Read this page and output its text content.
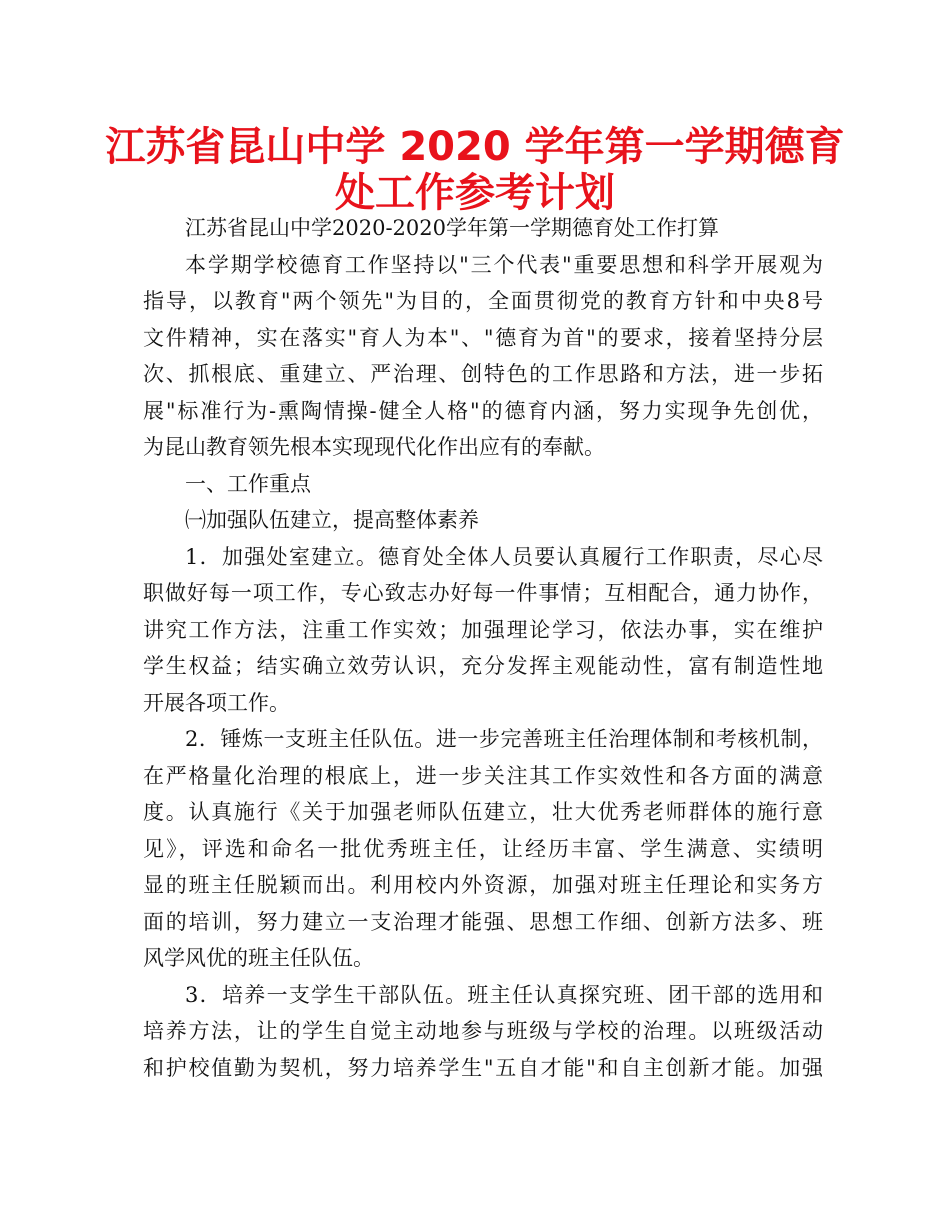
江苏省昆山中学 2020 学年第一学期德育
处工作参考计划
江苏省昆山中学2020-2020学年第一学期德育处工作打算
本学期学校德育工作坚持以"三个代表"重要思想和科学开展观为
指导，以教育"两个领先"为目的，全面贯彻党的教育方针和中央8号
文件精神，实在落实"育人为本"、"德育为首"的要求，接着坚持分层
次、抓根底、重建立、严治理、创特色的工作思路和方法，进一步拓
展"标准行为-熏陶情操-健全人格"的德育内涵，努力实现争先创优，
为昆山教育领先根本实现现代化作出应有的奉献。
一、工作重点
㈠加强队伍建立，提高整体素养
1．加强处室建立。德育处全体人员要认真履行工作职责，尽心尽
职做好每一项工作，专心致志办好每一件事情；互相配合，通力协作，
讲究工作方法，注重工作实效；加强理论学习，依法办事，实在维护
学生权益；结实确立效劳认识，充分发挥主观能动性，富有制造性地
开展各项工作。
2．锤炼一支班主任队伍。进一步完善班主任治理体制和考核机制，
在严格量化治理的根底上，进一步关注其工作实效性和各方面的满意
度。认真施行《关于加强老师队伍建立，壮大优秀老师群体的施行意
见》，评选和命名一批优秀班主任，让经历丰富、学生满意、实绩明
显的班主任脱颖而出。利用校内外资源，加强对班主任理论和实务方
面的培训，努力建立一支治理才能强、思想工作细、创新方法多、班
风学风优的班主任队伍。
3．培养一支学生干部队伍。班主任认真探究班、团干部的选用和
培养方法，让的学生自觉主动地参与班级与学校的治理。以班级活动
和护校值勤为契机，努力培养学生"五自才能"和自主创新才能。加强
